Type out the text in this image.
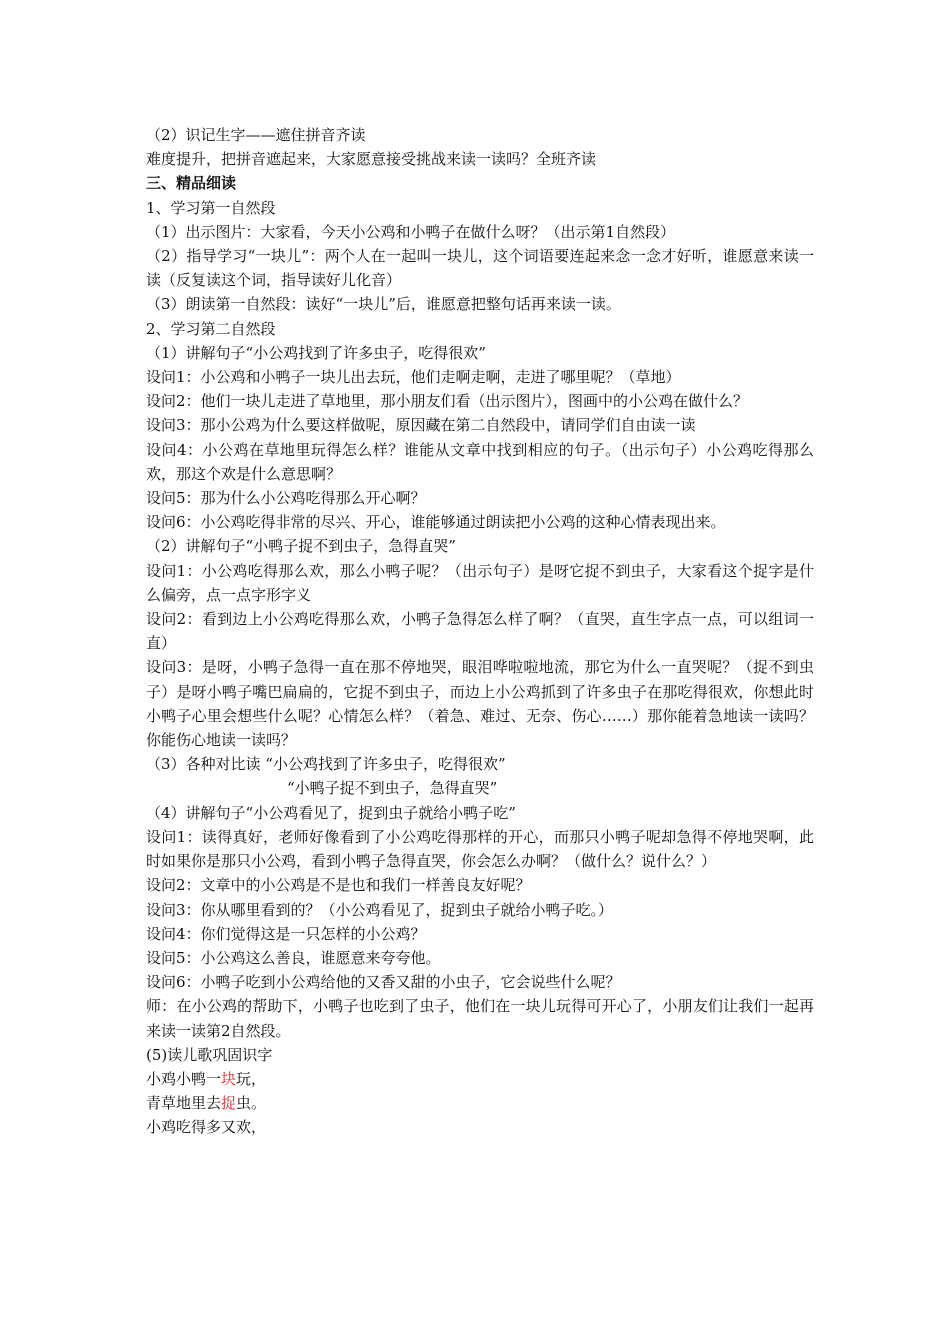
（2）识记生字——遮住拼音齐读
难度提升，把拼音遮起来，大家愿意接受挑战来读一读吗？全班齐读
三、精品细读
1、学习第一自然段
（1）出示图片：大家看，今天小公鸡和小鸭子在做什么呀？（出示第1自然段）
（2）指导学习“一块儿”：两个人在一起叫一块儿，这个词语要连起来念一念才好听，谁愿意来读一读（反复读这个词，指导读好儿化音）
（3）朗读第一自然段：读好“一块儿”后，谁愿意把整句话再来读一读。
2、学习第二自然段
（1）讲解句子“小公鸡找到了许多虫子，吃得很欢”
设问1：小公鸡和小鸭子一块儿出去玩，他们走啊走啊，走进了哪里呢？（草地）
设问2：他们一块儿走进了草地里，那小朋友们看（出示图片），图画中的小公鸡在做什么？
设问3：那小公鸡为什么要这样做呢，原因藏在第二自然段中，请同学们自由读一读
设问4：小公鸡在草地里玩得怎么样？谁能从文章中找到相应的句子。（出示句子）小公鸡吃得那么欢，那这个欢是什么意思啊？
设问5：那为什么小公鸡吃得那么开心啊？
设问6：小公鸡吃得非常的尽兴、开心，谁能够通过朗读把小公鸡的这种心情表现出来。
（2）讲解句子“小鸭子捉不到虫子，急得直哭”
设问1：小公鸡吃得那么欢，那么小鸭子呢？（出示句子）是呀它捉不到虫子，大家看这个捉字是什么偏旁，点一点字形字义
设问2：看到边上小公鸡吃得那么欢，小鸭子急得怎么样了啊？（直哭，直生字点一点，可以组词一直）
设问3：是呀，小鸭子急得一直在那不停地哭，眼泪哗啦啦地流，那它为什么一直哭呢？（捉不到虫子）是呀小鸭子嘴巴扁扁的，它捉不到虫子，而边上小公鸡抓到了许多虫子在那吃得很欢，你想此时小鸭子心里会想些什么呢？心情怎么样？（着急、难过、无奈、伤心……）那你能着急地读一读吗？你能伤心地读一读吗？
（3）各种对比读 “小公鸡找到了许多虫子，吃得很欢”
“小鸭子捉不到虫子，急得直哭”
（4）讲解句子“小公鸡看见了，捉到虫子就给小鸭子吃”
设问1：读得真好，老师好像看到了小公鸡吃得那样的开心，而那只小鸭子呢却急得不停地哭啊，此时如果你是那只小公鸡，看到小鸭子急得直哭，你会怎么办啊？（做什么？说什么？）
设问2：文章中的小公鸡是不是也和我们一样善良友好呢？
设问3：你从哪里看到的？（小公鸡看见了，捉到虫子就给小鸭子吃。）
设问4：你们觉得这是一只怎样的小公鸡？
设问5：小公鸡这么善良，谁愿意来夸夸他。
设问6：小鸭子吃到小公鸡给他的又香又甜的小虫子，它会说些什么呢？
师：在小公鸡的帮助下，小鸭子也吃到了虫子，他们在一块儿玩得可开心了，小朋友们让我们一起再来读一读第2自然段。
(5)读儿歌巩固识字
小鸡小鸭一块玩，
青草地里去捉虫。
小鸡吃得多又欢，
